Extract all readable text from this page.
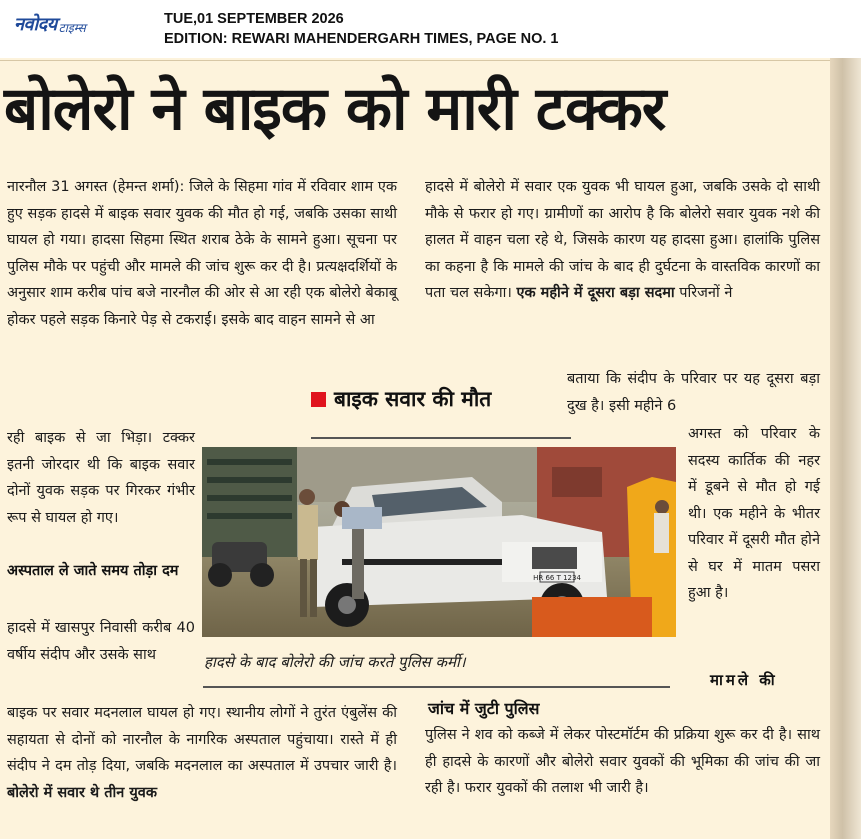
नवोदय टाइम्स
TUE,01 SEPTEMBER 2026
EDITION: REWARI MAHENDERGARH TIMES, PAGE NO. 1
बोलेरो ने बाइक को मारी टक्कर

नारनौल 31 अगस्त (हेमन्त शर्मा): जिले के सिहमा गांव में रविवार शाम एक हुए सड़क हादसे में बाइक सवार युवक की मौत हो गई, जबकि उसका साथी घायल हो गया। हादसा सिहमा स्थित शराब ठेके के सामने हुआ। सूचना पर पुलिस मौके पर पहुंची और मामले की जांच शुरू कर दी है। प्रत्यक्षदर्शियों के अनुसार शाम करीब पांच बजे नारनौल की ओर से आ रही एक बोलेरो बेकाबू होकर पहले सड़क किनारे पेड़ से टकराई। इसके बाद वाहन सामने से आ

बाइक सवार की मौत

रही बाइक से जा भिड़ा। टक्कर इतनी जोरदार थी कि बाइक सवार दोनों युवक सड़क पर गिरकर गंभीर रूप से घायल हो गए।

अस्पताल ले जाते समय तोड़ा दम

हादसे में खासपुर निवासी करीब 40 वर्षीय संदीप और उसके साथ

हादसे में बोलेरो में सवार एक युवक भी घायल हुआ, जबकि उसके दो साथी मौके से फरार हो गए। ग्रामीणों का आरोप है कि बोलेरो सवार युवक नशे की हालत में वाहन चला रहे थे, जिसके कारण यह हादसा हुआ। हालांकि पुलिस का कहना है कि मामले की जांच के बाद ही दुर्घटना के वास्तविक कारणों का पता चल सकेगा। एक महीने में दूसरा बड़ा सदमा परिजनों ने

बताया कि संदीप के परिवार पर यह दूसरा बड़ा दुख है। इसी महीने 6

अगस्त को परिवार के सदस्य कार्तिक की नहर में डूबने से मौत हो गई थी। एक महीने के भीतर परिवार में दूसरी मौत होने से घर में मातम पसरा हुआ है।

मामले की
HR 66 T 1234
हादसे के बाद बोलेरो की जांच करते पुलिस कर्मी।

बाइक पर सवार मदनलाल घायल हो गए। स्थानीय लोगों ने तुरंत एंबुलेंस की सहायता से दोनों को नारनौल के नागरिक अस्पताल पहुंचाया। रास्ते में ही संदीप ने दम तोड़ दिया, जबकि मदनलाल का अस्पताल में उपचार जारी है। बोलेरो में सवार थे तीन युवक

जांच में जुटी पुलिस

पुलिस ने शव को कब्जे में लेकर पोस्टमॉर्टम की प्रक्रिया शुरू कर दी है। साथ ही हादसे के कारणों और बोलेरो सवार युवकों की भूमिका की जांच की जा रही है। फरार युवकों की तलाश भी जारी है।
